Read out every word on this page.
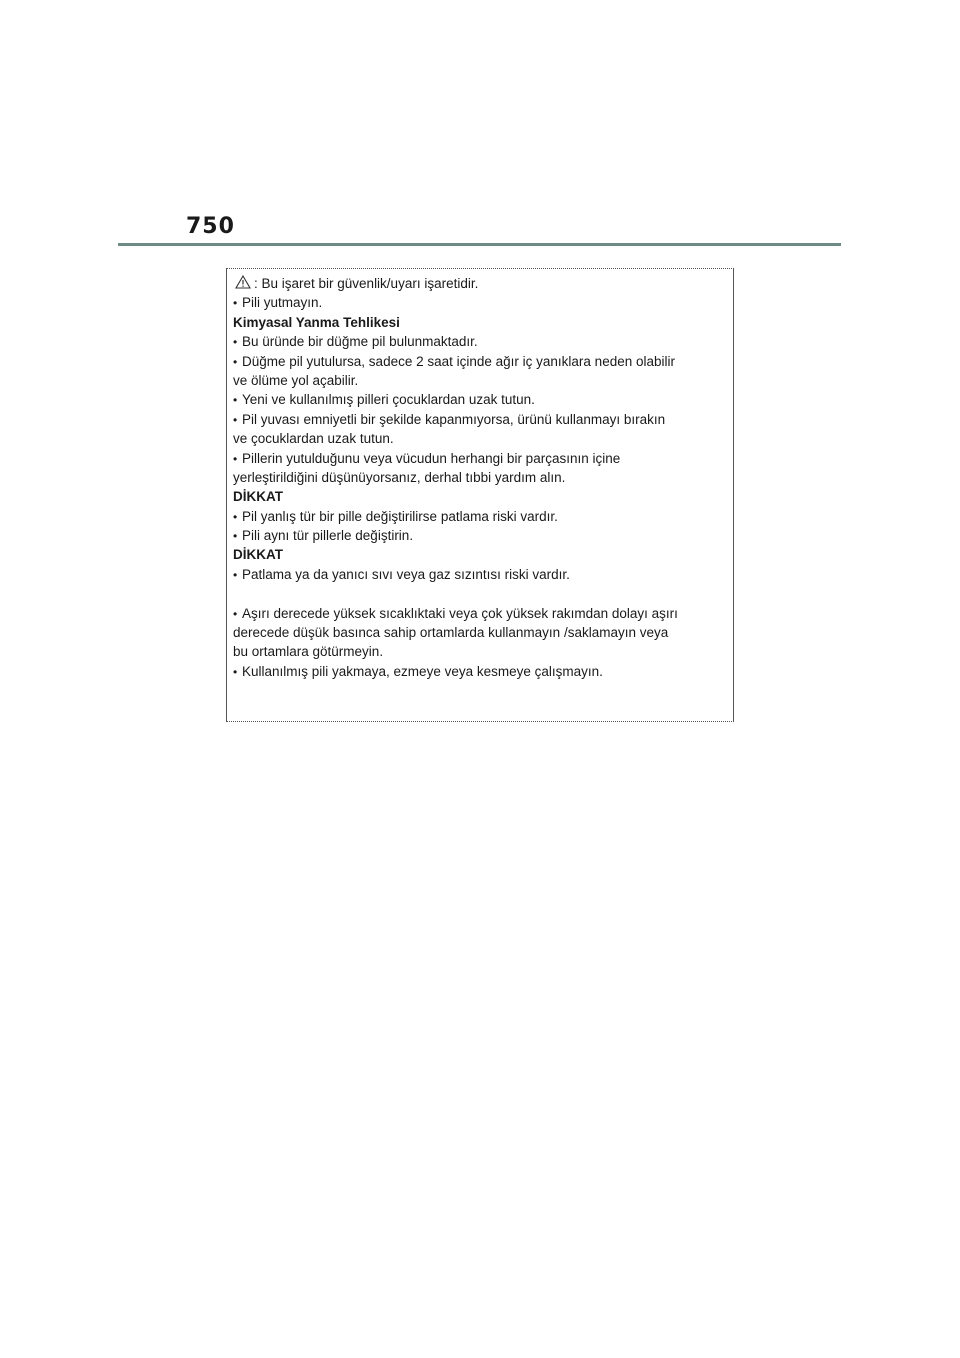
750
: Bu işaret bir güvenlik/uyarı işaretidir.
• Pili yutmayın.
Kimyasal Yanma Tehlikesi
• Bu üründe bir düğme pil bulunmaktadır.
• Düğme pil yutulursa, sadece 2 saat içinde ağır iç yanıklara neden olabilir
ve ölüme yol açabilir.
• Yeni ve kullanılmış pilleri çocuklardan uzak tutun.
• Pil yuvası emniyetli bir şekilde kapanmıyorsa, ürünü kullanmayı bırakın
ve çocuklardan uzak tutun.
• Pillerin yutulduğunu veya vücudun herhangi bir parçasının içine
yerleştirildiğini düşünüyorsanız, derhal tıbbi yardım alın.
DİKKAT
• Pil yanlış tür bir pille değiştirilirse patlama riski vardır.
• Pili aynı tür pillerle değiştirin.
DİKKAT
• Patlama ya da yanıcı sıvı veya gaz sızıntısı riski vardır.
• Aşırı derecede yüksek sıcaklıktaki veya çok yüksek rakımdan dolayı aşırı
derecede düşük basınca sahip ortamlarda kullanmayın /saklamayın veya
bu ortamlara götürmeyin.
• Kullanılmış pili yakmaya, ezmeye veya kesmeye çalışmayın.
